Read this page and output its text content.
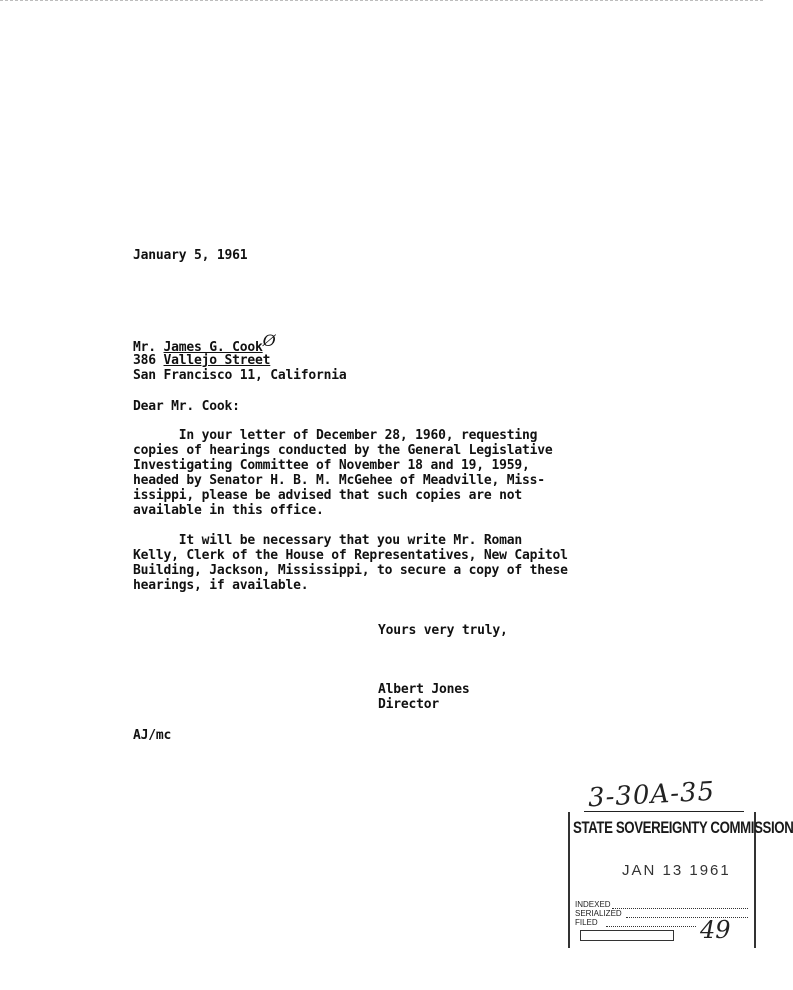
January 5, 1961
Mr. James G. CookØ
386 Vallejo Street
San Francisco 11, California
Dear Mr. Cook:
In your letter of December 28, 1960, requesting
copies of hearings conducted by the General Legislative
Investigating Committee of November 18 and 19, 1959,
headed by Senator H. B. M. McGehee of Meadville, Miss-
issippi, please be advised that such copies are not
available in this office.
It will be necessary that you write Mr. Roman
Kelly, Clerk of the House of Representatives, New Capitol
Building, Jackson, Mississippi, to secure a copy of these
hearings, if available.
Yours very truly,
Albert Jones
Director
AJ/mc
3-30A-35
STATE SOVEREIGNTY COMMISSION
JAN 13 1961
INDEXED
SERIALIZED
FILED	49
